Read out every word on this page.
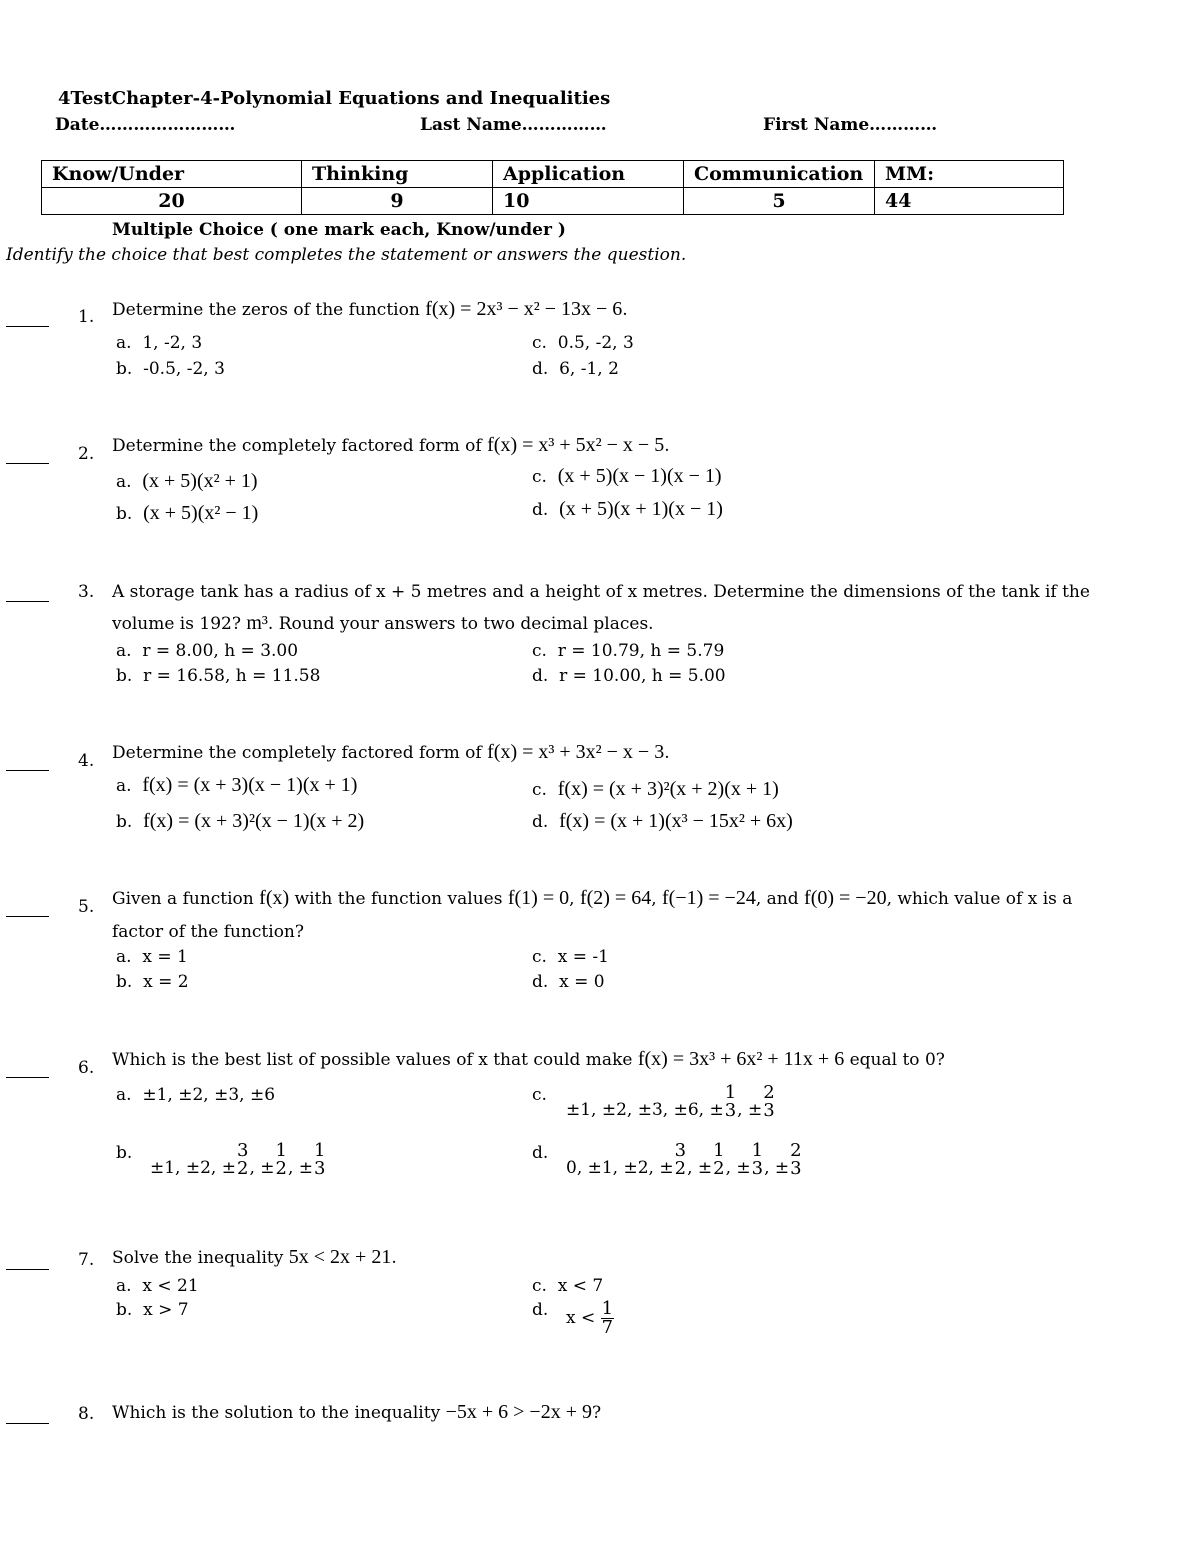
4TestChapter-4-Polynomial Equations and Inequalities
Date……………………	Last Name……………	First Name…………
Know/Under	Thinking	Application	Communication	MM:
20	9	10	5	44
Multiple Choice ( one mark each, Know/under )
Identify the choice that best completes the statement or answers the question.
1. Determine the zeros of the function f(x) = 2x³ − x² − 13x − 6.
a. 1, -2, 3
b. -0.5, -2, 3
c. 0.5, -2, 3
d. 6, -1, 2
2. Determine the completely factored form of f(x) = x³ + 5x² − x − 5.
a. (x + 5)(x² + 1)
b. (x + 5)(x² − 1)
c. (x + 5)(x − 1)(x − 1)
d. (x + 5)(x + 1)(x − 1)
3. A storage tank has a radius of x + 5 metres and a height of x metres. Determine the dimensions of the tank if the
volume is 192? m³. Round your answers to two decimal places.
a. r = 8.00, h = 3.00
b. r = 16.58, h = 11.58
c. r = 10.79, h = 5.79
d. r = 10.00, h = 5.00
4. Determine the completely factored form of f(x) = x³ + 3x² − x − 3.
a. f(x) = (x + 3)(x − 1)(x + 1)
b. f(x) = (x + 3)²(x − 1)(x + 2)
c. f(x) = (x + 3)²(x + 2)(x + 1)
d. f(x) = (x + 1)(x³ − 15x² + 6x)
5. Given a function f(x) with the function values f(1) = 0, f(2) = 64, f(−1) = −24, and f(0) = −20, which value of x is a
factor of the function?
a. x = 1
b. x = 2
c. x = -1
d. x = 0
6. Which is the best list of possible values of x that could make f(x) = 3x³ + 6x² + 11x + 6 equal to 0?
a. ±1, ±2, ±3, ±6	c.
±1, ±2, ±3, ±6, ±
1
3 , ±
2
3
b.
±1, ±2, ±
3
2 , ±
1
2 , ±
1
3
d.
0, ±1, ±2, ±
3
2 , ±
1
2 , ±
1
3 , ±
2
3
7. Solve the inequality 5x < 2x + 21.
a. x < 21
b. x > 7
c. x < 7
d. $x < \frac{1}{7}$
8. Which is the solution to the inequality −5x + 6 > −2x + 9?
